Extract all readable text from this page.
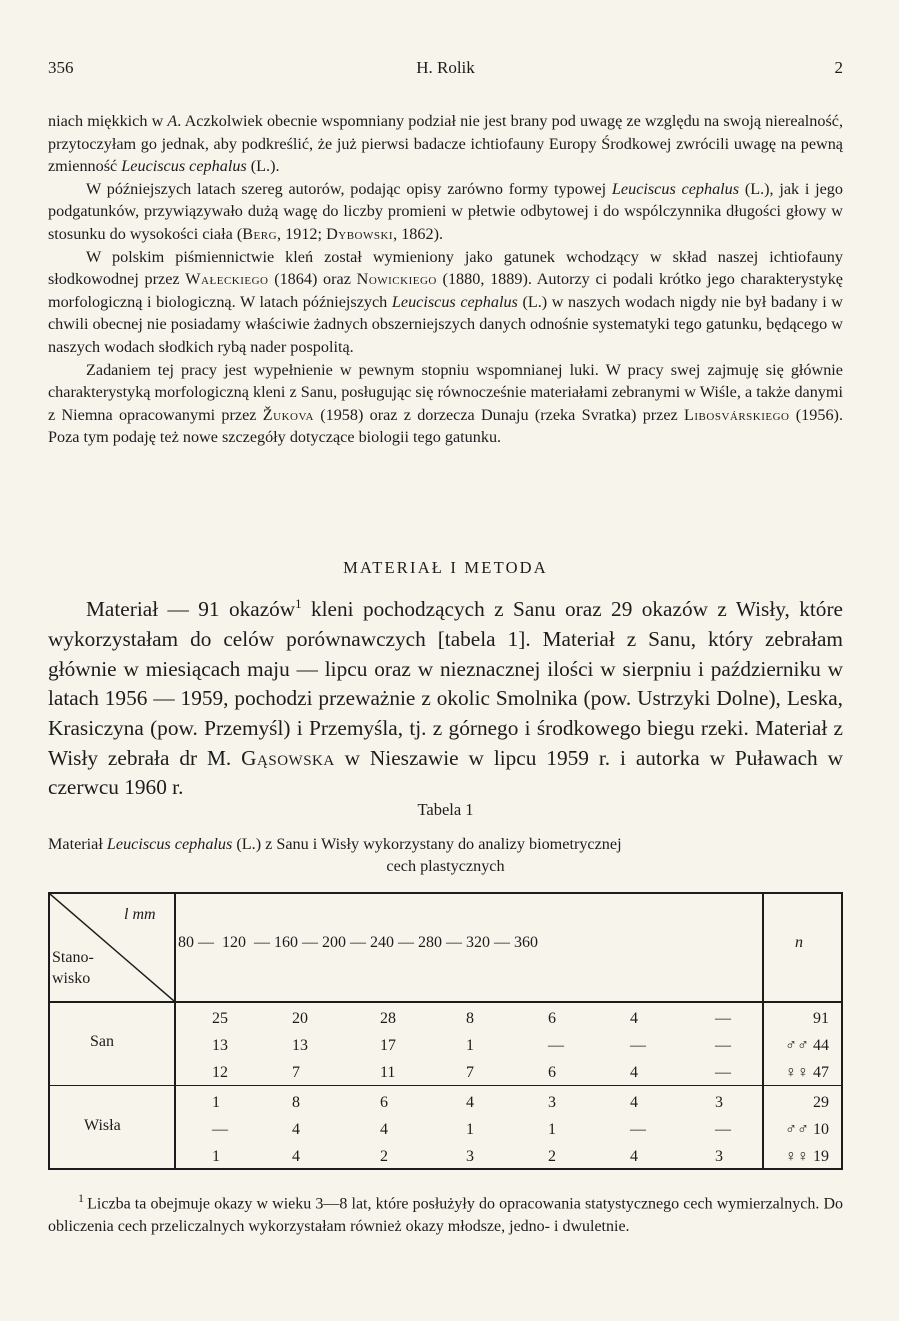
356	H. Rolik	2

niach miękkich w A. Aczkolwiek obecnie wspomniany podział nie jest brany pod uwagę ze względu na swoją nierealność, przytoczyłam go jednak, aby podkreślić, że już pierwsi badacze ichtiofauny Europy Środkowej zwrócili uwagę na pewną zmienność Leuciscus cephalus (L.).

W późniejszych latach szereg autorów, podając opisy zarówno formy typowej Leuciscus cephalus (L.), jak i jego podgatunków, przywiązywało dużą wagę do liczby promieni w płetwie odbytowej i do wspólczynnika długości głowy w stosunku do wysokości ciała (Berg, 1912; Dybowski, 1862).

W polskim piśmiennictwie kleń został wymieniony jako gatunek wchodzący w skład naszej ichtiofauny słodkowodnej przez Wałeckiego (1864) oraz Nowickiego (1880, 1889). Autorzy ci podali krótko jego charakterystykę morfologiczną i biologiczną. W latach późniejszych Leuciscus cephalus (L.) w naszych wodach nigdy nie był badany i w chwili obecnej nie posiadamy właściwie żadnych obszerniejszych danych odnośnie systematyki tego gatunku, będącego w naszych wodach słodkich rybą nader pospolitą.

Zadaniem tej pracy jest wypełnienie w pewnym stopniu wspomnianej luki. W pracy swej zajmuję się głównie charakterystyką morfologiczną kleni z Sanu, posługując się równocześnie materiałami zebranymi w Wiśle, a także danymi z Niemna opracowanymi przez Žukova (1958) oraz z dorzecza Dunaju (rzeka Svratka) przez Libosvárskiego (1956). Poza tym podaję też nowe szczegóły dotyczące biologii tego gatunku.

MATERIAŁ I METODA

Materiał — 91 okazów$^1$ kleni pochodzących z Sanu oraz 29 okazów z Wisły, które wykorzystałam do celów porównawczych [tabela 1]. Materiał z Sanu, który zebrałam głównie w miesiącach maju — lipcu oraz w nieznacznej ilości w sierpniu i październiku w latach 1956 — 1959, pochodzi przeważnie z okolic Smolnika (pow. Ustrzyki Dolne), Leska, Krasiczyna (pow. Przemyśl) i Przemyśla, tj. z górnego i środkowego biegu rzeki. Materiał z Wisły zebrała dr M. Gąsowska w Nieszawie w lipcu 1959 r. i autorka w Puławach w czerwcu 1960 r.

Tabela 1
Materiał Leuciscus cephalus (L.) z Sanu i Wisły wykorzystany do analizy biometrycznej
cech plastycznych
l mm
Stano-
wisko
80 —  120  — 160 — 200 — 240 — 280 — 320 — 360	n
San
25	20	28	8	6	4	—	91
13	13	17	1	—	—	—	♂♂ 44
12	7	11	7	6	4	—	♀♀ 47
Wisła
1	8	6	4	3	4	3	29
—	4	4	1	1	—	—	♂♂ 10
1	4	2	3	2	4	3	♀♀ 19

$^1$ Liczba ta obejmuje okazy w wieku 3—8 lat, które posłużyły do opracowania statystycznego cech wymierzalnych. Do obliczenia cech przeliczalnych wykorzystałam również okazy młodsze, jedno- i dwuletnie.
